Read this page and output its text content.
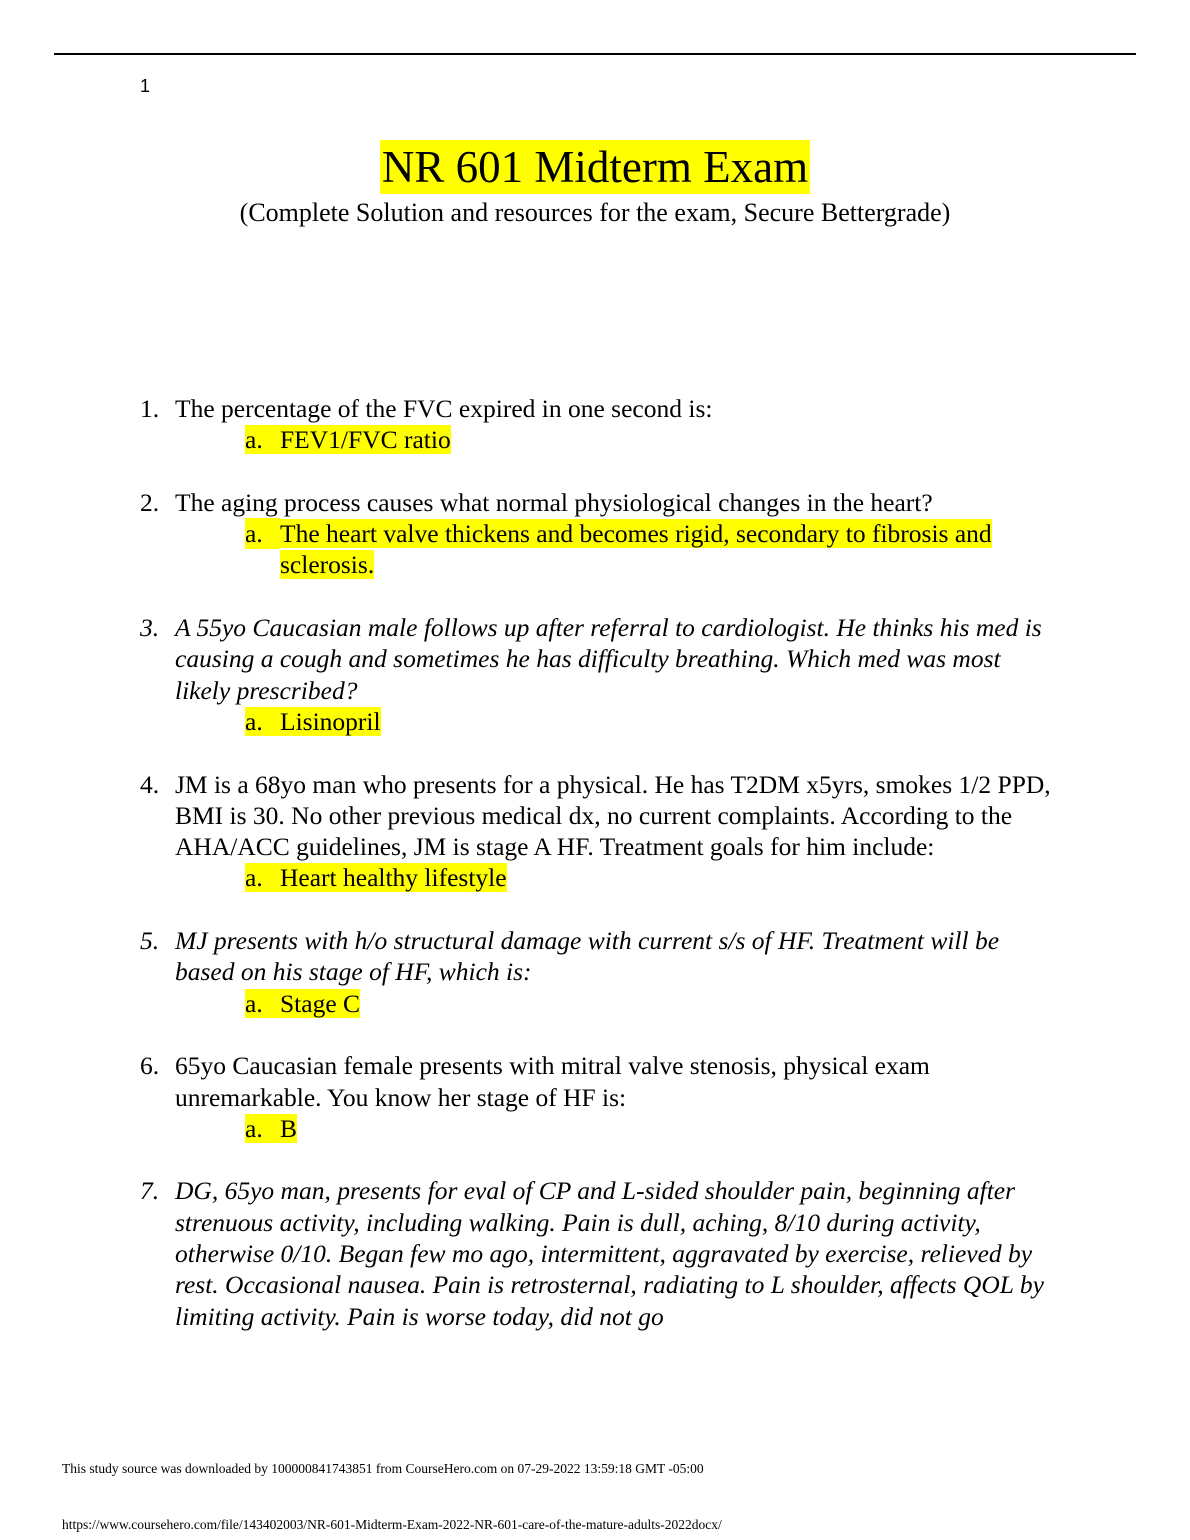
1
NR 601 Midterm Exam
(Complete Solution and resources for the exam, Secure Bettergrade)
1. The percentage of the FVC expired in one second is:
a. FEV1/FVC ratio
2. The aging process causes what normal physiological changes in the heart?
a. The heart valve thickens and becomes rigid, secondary to fibrosis and sclerosis.
3. A 55yo Caucasian male follows up after referral to cardiologist. He thinks his med is causing a cough and sometimes he has difficulty breathing. Which med was most likely prescribed?
a. Lisinopril
4. JM is a 68yo man who presents for a physical. He has T2DM x5yrs, smokes 1/2 PPD, BMI is 30. No other previous medical dx, no current complaints. According to the AHA/ACC guidelines, JM is stage A HF. Treatment goals for him include:
a. Heart healthy lifestyle
5. MJ presents with h/o structural damage with current s/s of HF. Treatment will be based on his stage of HF, which is:
a. Stage C
6. 65yo Caucasian female presents with mitral valve stenosis, physical exam unremarkable. You know her stage of HF is:
a. B
7. DG, 65yo man, presents for eval of CP and L-sided shoulder pain, beginning after strenuous activity, including walking. Pain is dull, aching, 8/10 during activity, otherwise 0/10. Began few mo ago, intermittent, aggravated by exercise, relieved by rest. Occasional nausea. Pain is retrosternal, radiating to L shoulder, affects QOL by limiting activity. Pain is worse today, did not go
This study source was downloaded by 100000841743851 from CourseHero.com on 07-29-2022 13:59:18 GMT -05:00
https://www.coursehero.com/file/143402003/NR-601-Midterm-Exam-2022-NR-601-care-of-the-mature-adults-2022docx/
